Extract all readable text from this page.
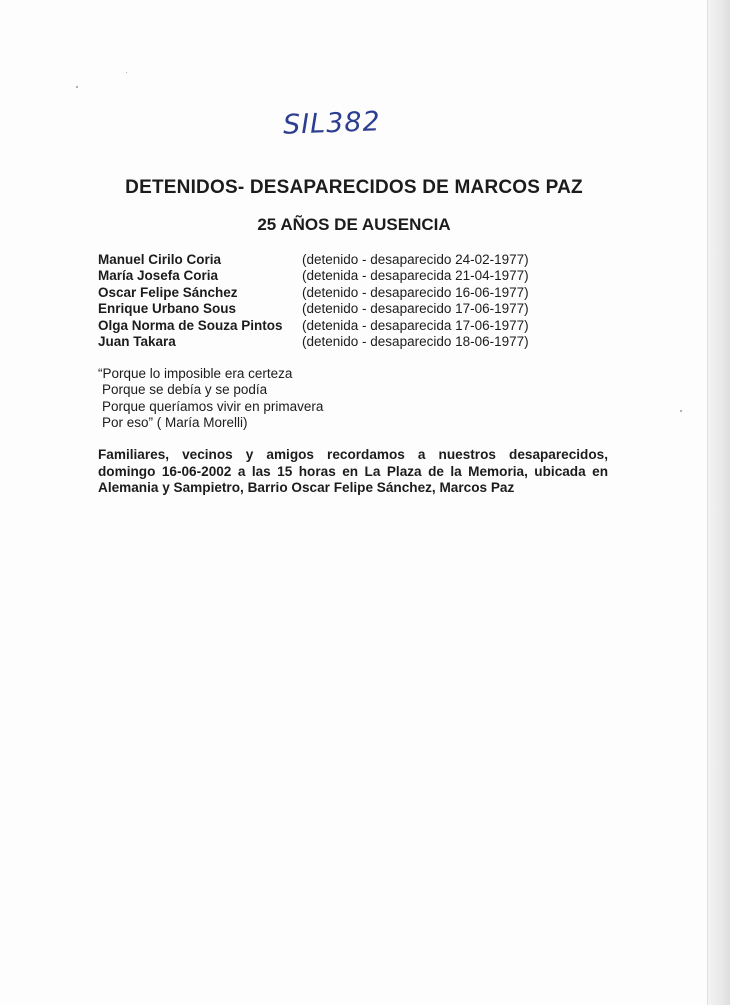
SIL382
DETENIDOS- DESAPARECIDOS DE MARCOS PAZ
25 AÑOS DE AUSENCIA
Manuel Cirilo Coria	(detenido - desaparecido 24-02-1977)
María Josefa Coria	(detenida - desaparecida 21-04-1977)
Oscar Felipe Sánchez	(detenido - desaparecido 16-06-1977)
Enrique Urbano Sous	(detenido - desaparecido 17-06-1977)
Olga Norma de Souza Pintos	(detenida - desaparecida 17-06-1977)
Juan Takara	(detenido - desaparecido 18-06-1977)
“Porque lo imposible era certeza
Porque se debía y se podía
Porque queríamos vivir en primavera
Por eso” ( María Morelli)
Familiares, vecinos y amigos recordamos a nuestros desaparecidos,
domingo 16-06-2002 a las 15 horas en La Plaza de la Memoria, ubicada en
Alemania y Sampietro, Barrio Oscar Felipe Sánchez, Marcos Paz
